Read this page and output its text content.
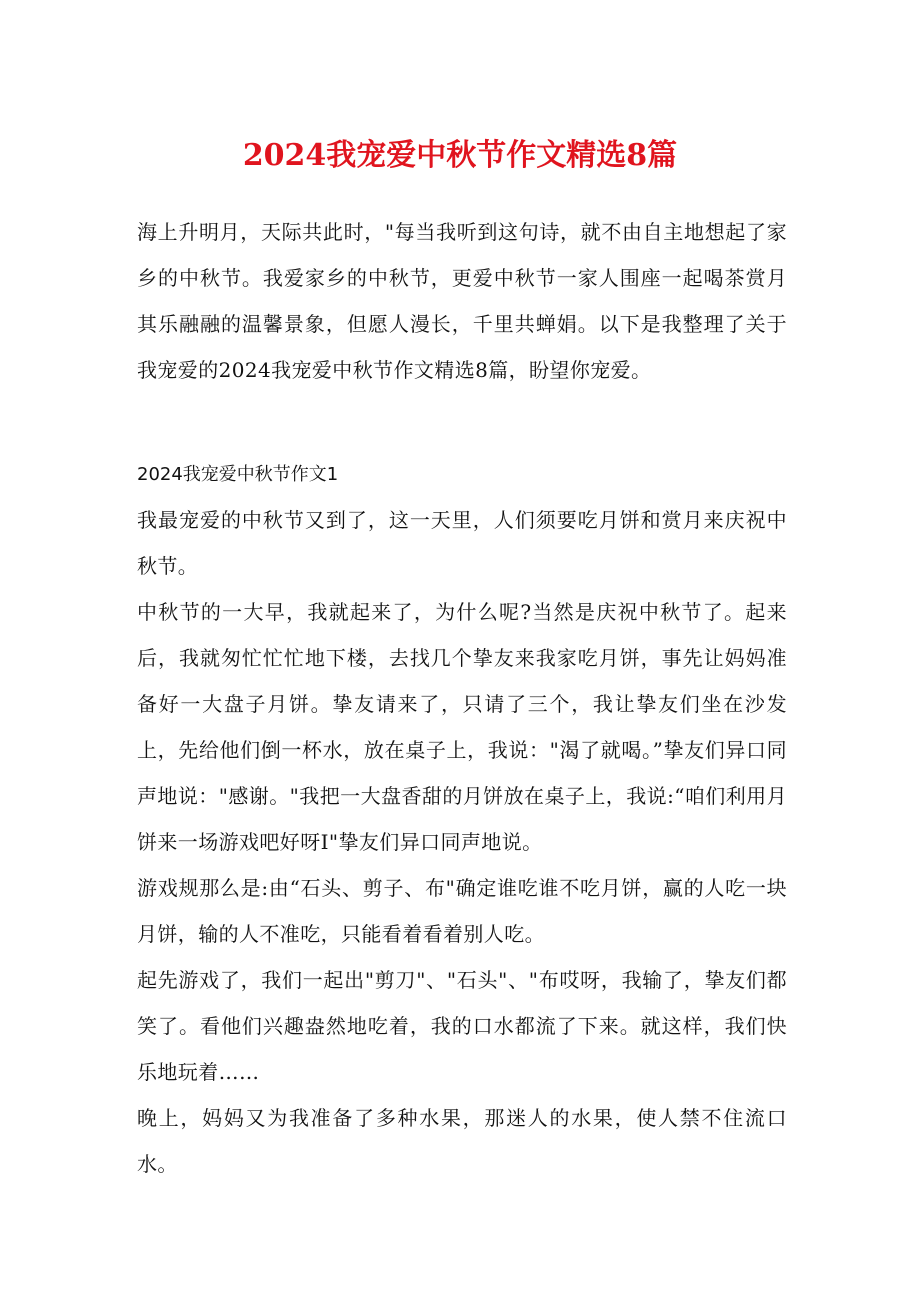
2024我宠爱中秋节作文精选8篇

海上升明月，天际共此时，"每当我听到这句诗，就不由自主地想起了家乡的中秋节。我爱家乡的中秋节，更爱中秋节一家人围座一起喝茶赏月其乐融融的温馨景象，但愿人漫长，千里共蝉娟。以下是我整理了关于我宠爱的2024我宠爱中秋节作文精选8篇，盼望你宠爱。

2024我宠爱中秋节作文1

我最宠爱的中秋节又到了，这一天里，人们须要吃月饼和赏月来庆祝中秋节。

中秋节的一大早，我就起来了，为什么呢?当然是庆祝中秋节了。起来后，我就匆忙忙忙地下楼，去找几个挚友来我家吃月饼，事先让妈妈准备好一大盘子月饼。挚友请来了，只请了三个，我让挚友们坐在沙发上，先给他们倒一杯水，放在桌子上，我说："渴了就喝。”挚友们异口同声地说："感谢。"我把一大盘香甜的月饼放在桌子上，我说:“咱们利用月饼来一场游戏吧好呀I"挚友们异口同声地说。

游戏规那么是:由“石头、剪子、布"确定谁吃谁不吃月饼，赢的人吃一块月饼，输的人不准吃，只能看着看着别人吃。

起先游戏了，我们一起出"剪刀"、"石头"、"布哎呀，我输了，挚友们都笑了。看他们兴趣盎然地吃着，我的口水都流了下来。就这样，我们快乐地玩着……

晚上，妈妈又为我准备了多种水果，那迷人的水果，使人禁不住流口水。
